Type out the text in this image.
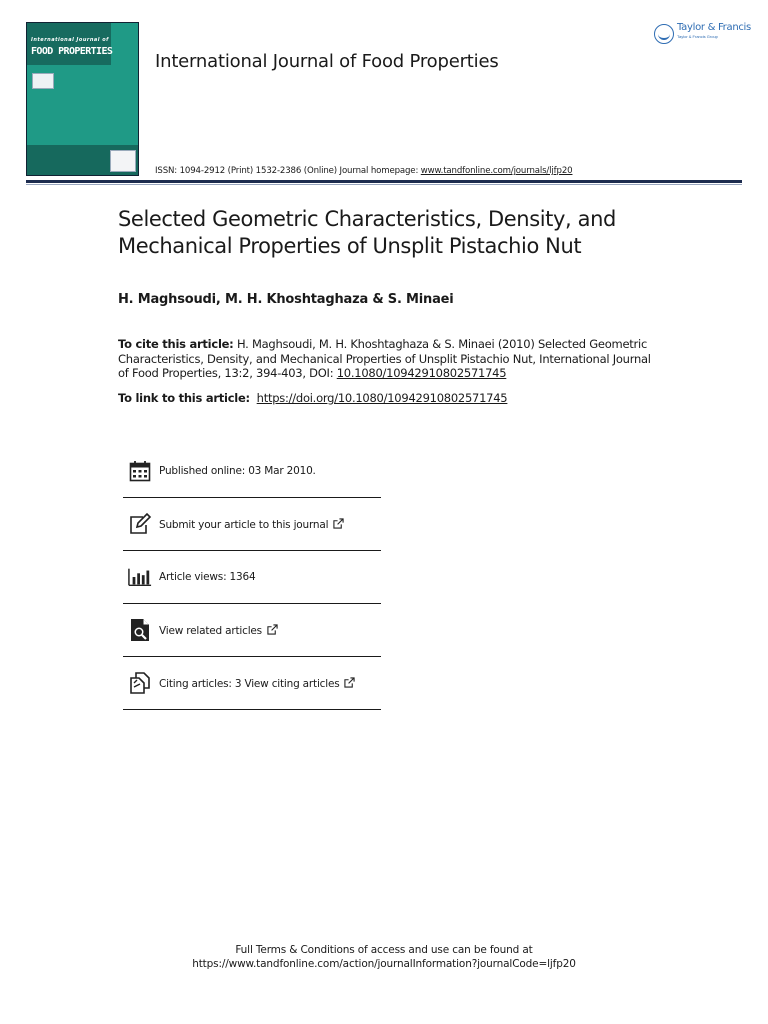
International Journal of
FOOD PROPERTIES International Journal of Food Properties
Taylor & Francis
Taylor & Francis Group
ISSN: 1094-2912 (Print) 1532-2386 (Online) Journal homepage: www.tandfonline.com/journals/ljfp20
Selected Geometric Characteristics, Density, and Mechanical Properties of Unsplit Pistachio Nut
H. Maghsoudi, M. H. Khoshtaghaza & S. Minaei
To cite this article: H. Maghsoudi, M. H. Khoshtaghaza & S. Minaei (2010) Selected Geometric Characteristics, Density, and Mechanical Properties of Unsplit Pistachio Nut, International Journal of Food Properties, 13:2, 394-403, DOI: 10.1080/10942910802571745
To link to this article: https://doi.org/10.1080/10942910802571745
Published online: 03 Mar 2010.
Submit your article to this journal
Article views: 1364
View related articles
Citing articles: 3 View citing articles
Full Terms & Conditions of access and use can be found at
https://www.tandfonline.com/action/journalInformation?journalCode=ljfp20
